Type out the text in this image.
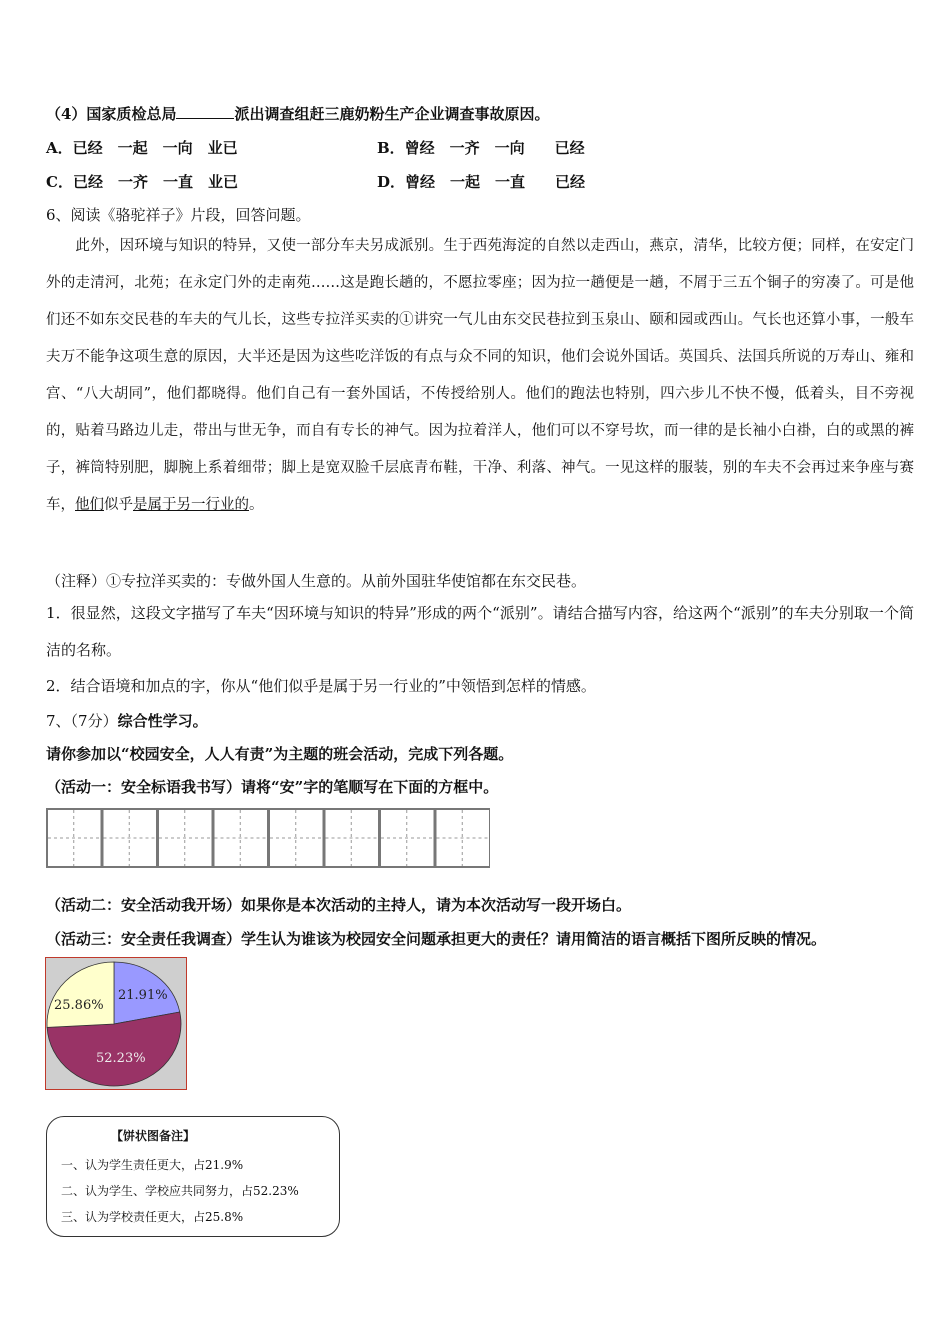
（4）国家质检总局	派出调查组赶三鹿奶粉生产企业调查事故原因。
A．已经　一起　一向　业已	B．曾经　一齐　一向　　已经
C．已经　一齐　一直　业已	D．曾经　一起　一直　　已经
6、阅读《骆驼祥子》片段，回答问题。
　　此外，因环境与知识的特异，又使一部分车夫另成派别。生于西苑海淀的自然以走西山，燕京，清华，比较方便；同样，在安定门外的走清河，北苑；在永定门外的走南苑……这是跑长趟的，不愿拉零座；因为拉一趟便是一趟，不屑于三五个铜子的穷凑了。可是他们还不如东交民巷的车夫的气儿长，这些专拉洋买卖的①讲究一气儿由东交民巷拉到玉泉山、颐和园或西山。气长也还算小事，一般车夫万不能争这项生意的原因，大半还是因为这些吃洋饭的有点与众不同的知识，他们会说外国话。英国兵、法国兵所说的万寿山、雍和宫、“八大胡同”，他们都晓得。他们自己有一套外国话，不传授给别人。他们的跑法也特别，四六步儿不快不慢，低着头，目不旁视的，贴着马路边儿走，带出与世无争，而自有专长的神气。因为拉着洋人，他们可以不穿号坎，而一律的是长袖小白褂，白的或黑的裤子，裤筒特别肥，脚腕上系着细带；脚上是宽双脸千层底青布鞋，干净、利落、神气。一见这样的服装，别的车夫不会再过来争座与赛车，他们似乎是属于另一行业的。
（注释）①专拉洋买卖的：专做外国人生意的。从前外国驻华使馆都在东交民巷。
1．很显然，这段文字描写了车夫“因环境与知识的特异”形成的两个“派别”。请结合描写内容，给这两个“派别”的车夫分别取一个简洁的名称。
2．结合语境和加点的字，你从“他们似乎是属于另一行业的”中领悟到怎样的情感。
7、（7分）综合性学习。
请你参加以“校园安全，人人有责”为主题的班会活动，完成下列各题。
（活动一：安全标语我书写）请将“安”字的笔顺写在下面的方框中。
（活动二：安全活动我开场）如果你是本次活动的主持人，请为本次活动写一段开场白。
（活动三：安全责任我调查）学生认为谁该为校园安全问题承担更大的责任？请用简洁的语言概括下图所反映的情况。
21.91%
52.23%
25.86%
【饼状图备注】
一、认为学生责任更大，占21.9%
二、认为学生、学校应共同努力，占52.23%
三、认为学校责任更大，占25.8%
